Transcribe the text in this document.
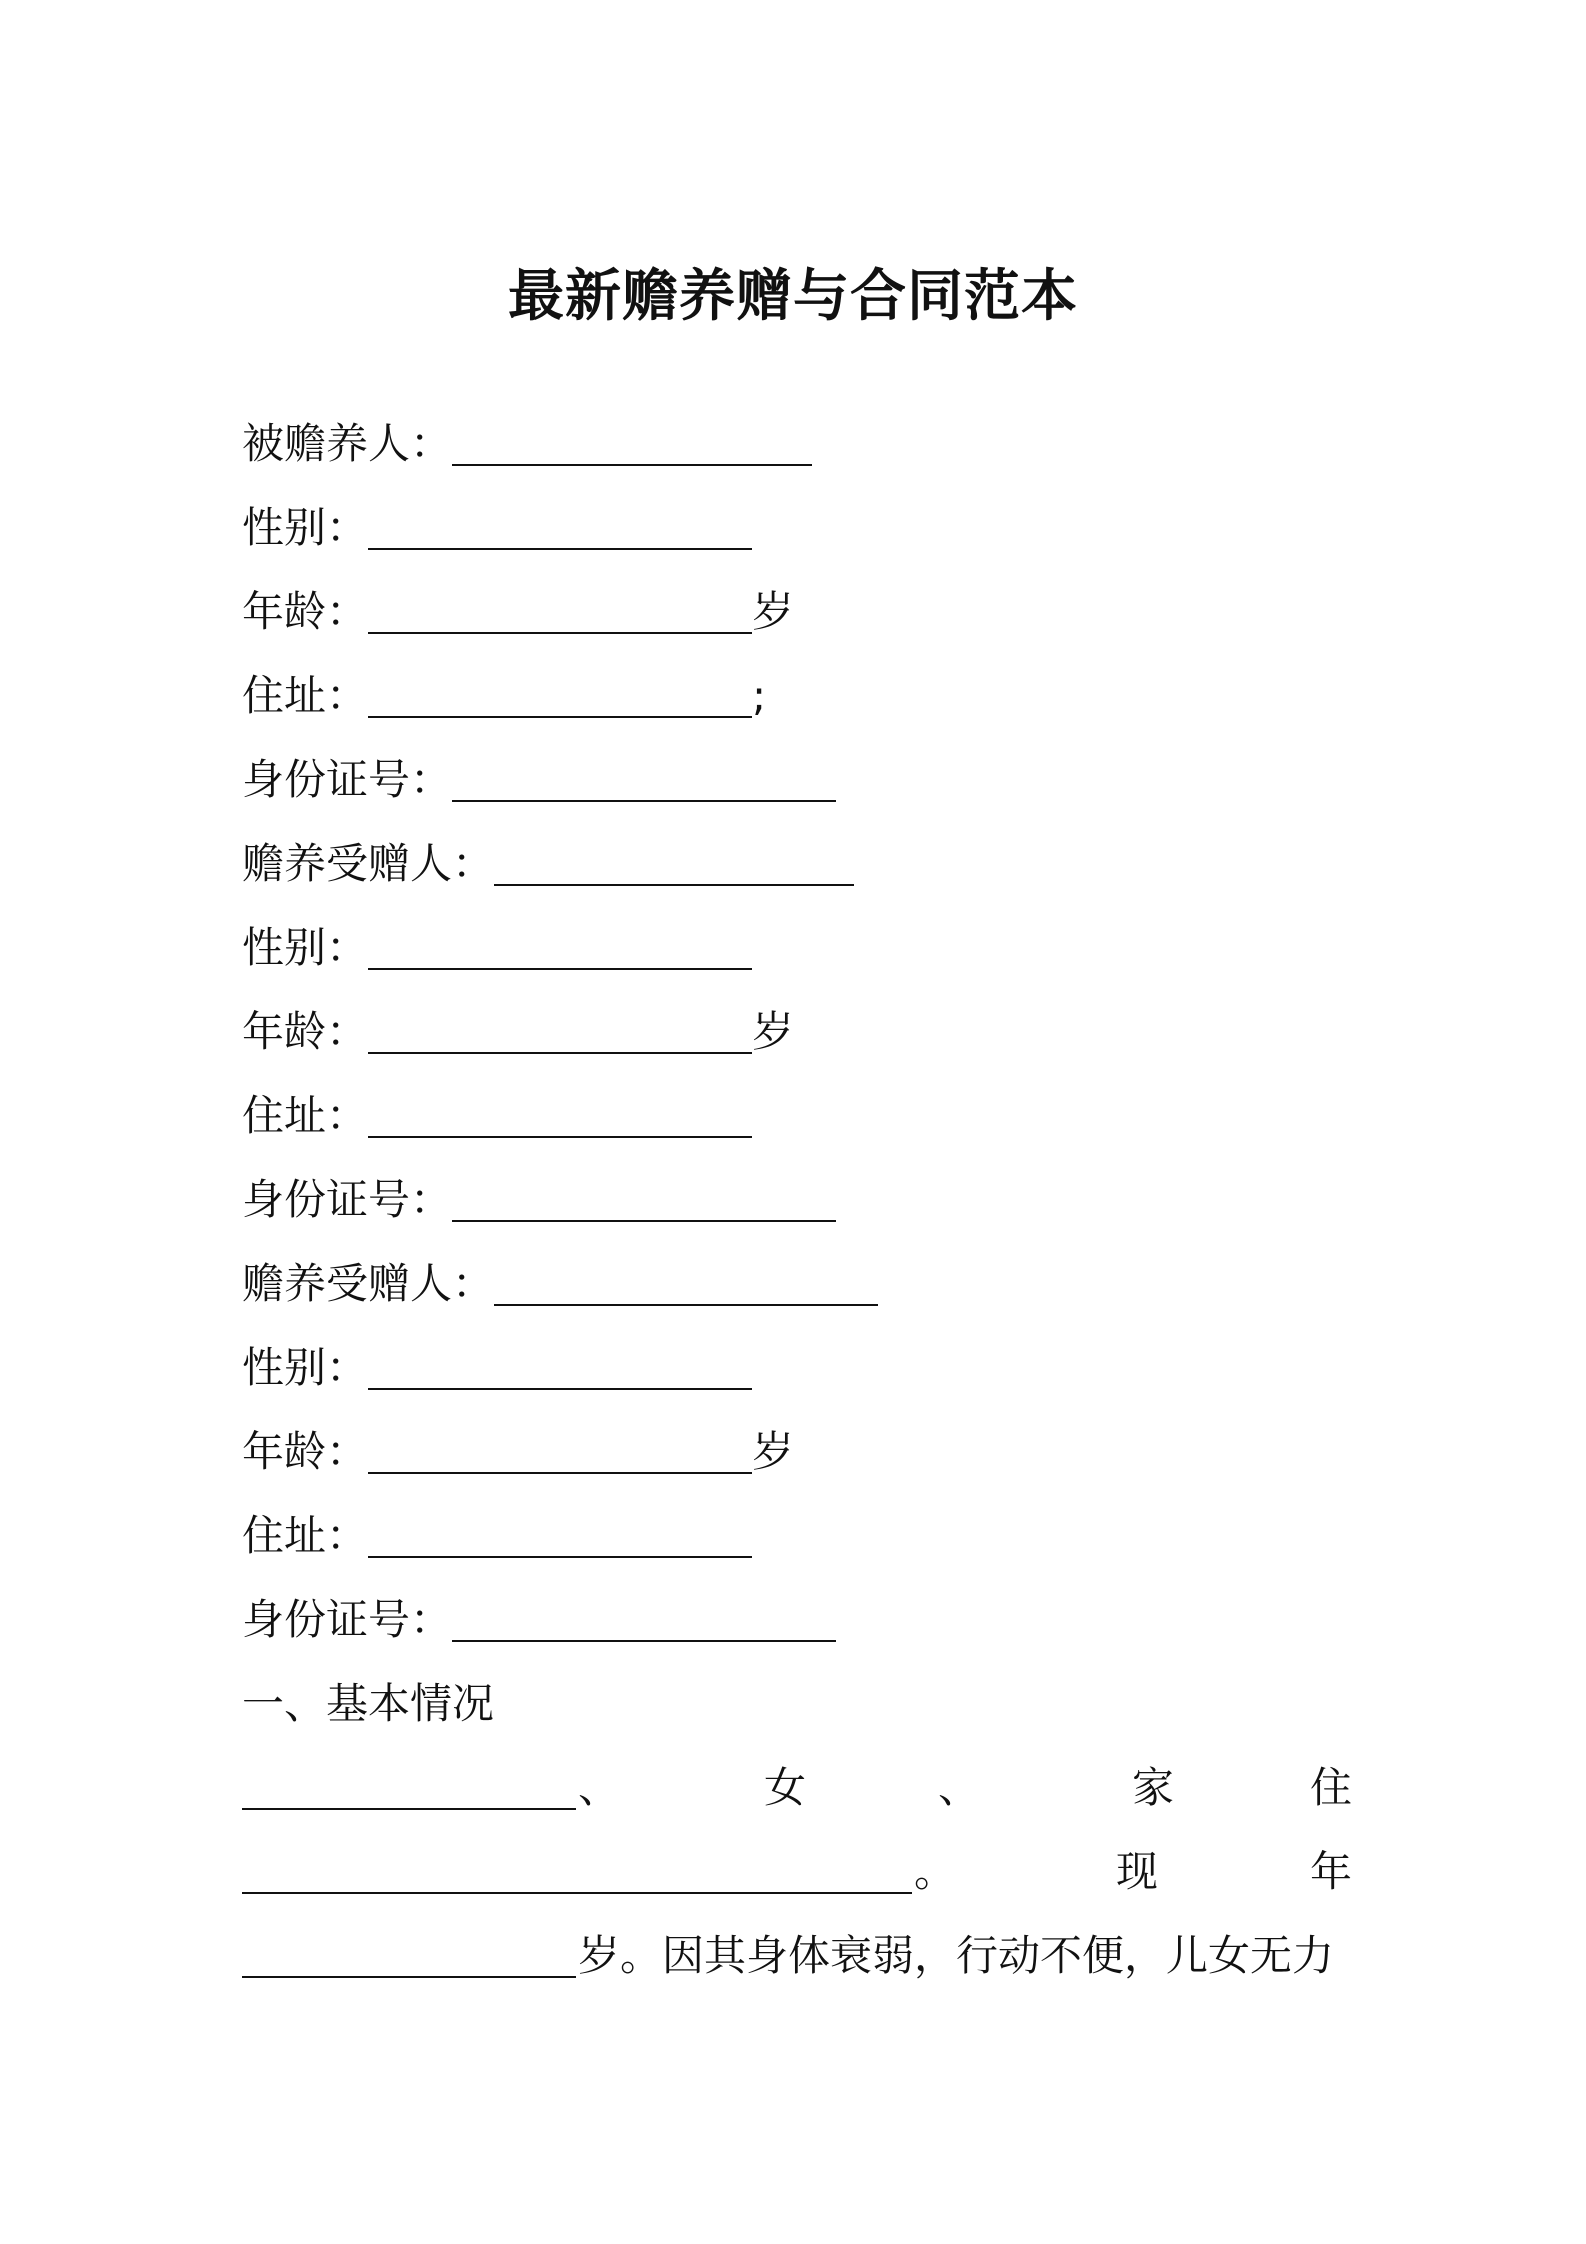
最新赡养赠与合同范本
被赡养人：
性别：
年龄：	岁
住址：	;
身份证号：
赡养受赠人：
性别：
年龄：	岁
住址：
身份证号：
赡养受赠人：
性别：
年龄：	岁
住址：
身份证号：
一、基本情况
、	女	、	家	住
。	现	年
岁。因其身体衰弱，行动不便，儿女无力
